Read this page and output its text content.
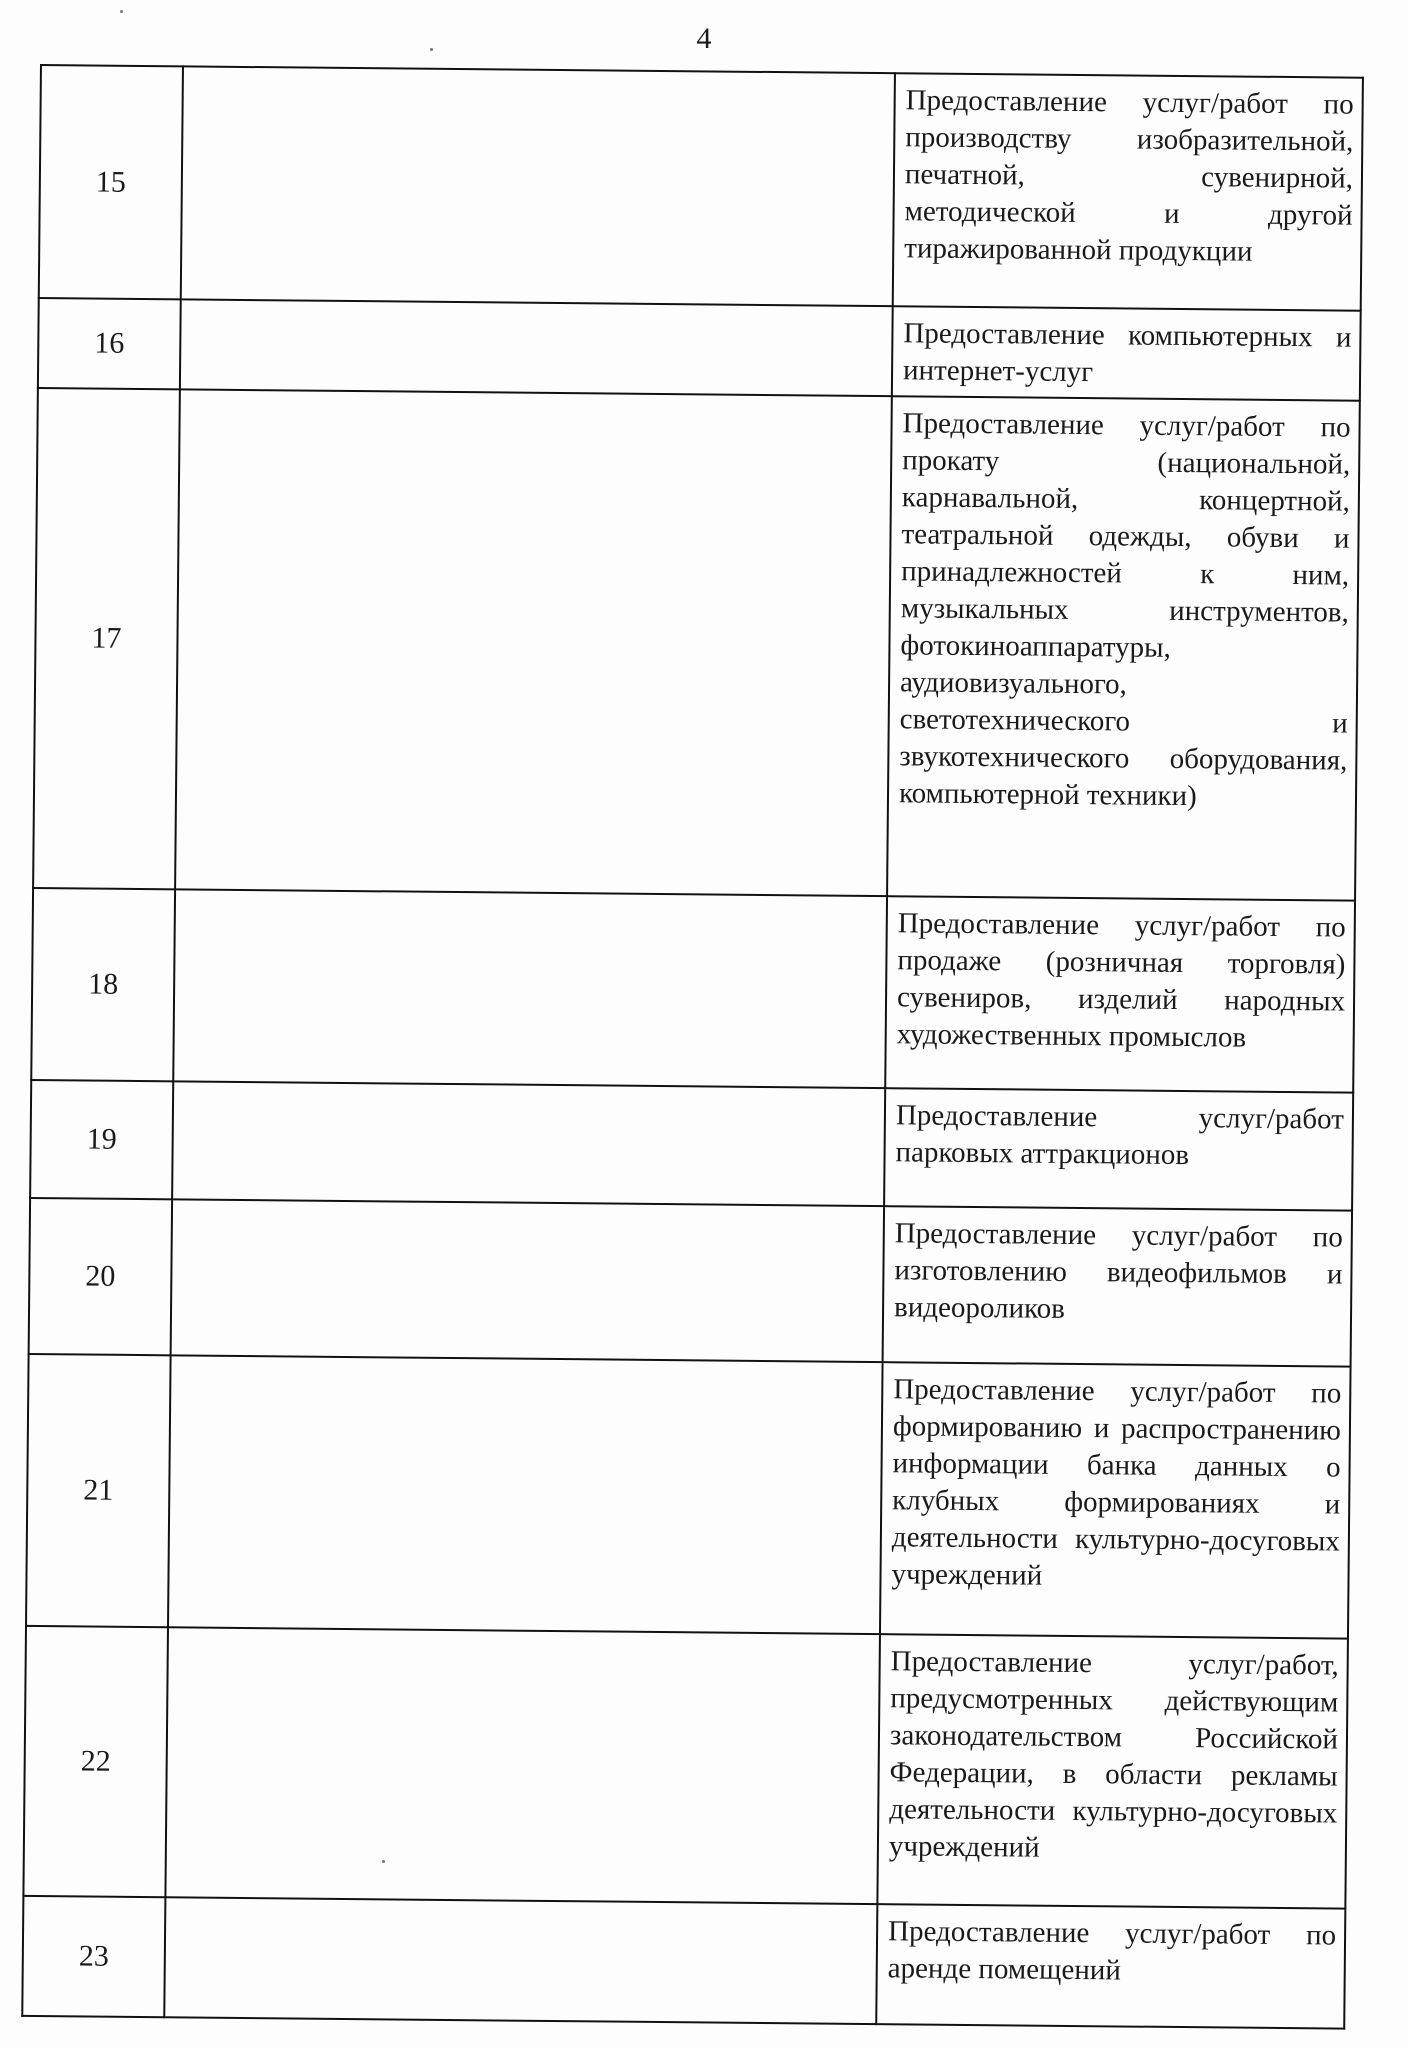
4
15		Предоставление услуг/работ по производству изобразительной, печатной, сувенирной, методической и другой тиражированной продукции
16		Предоставление компьютерных и интернет-услуг
17		Предоставление услуг/работ по прокату (национальной, карнавальной, концертной, театральной одежды, обуви и принадлежностей к ним, музыкальных инструментов, фотокиноаппаратуры, аудиовизуального, светотехнического и звукотехнического оборудования, компьютерной техники)
18		Предоставление услуг/работ по продаже (розничная торговля) сувениров, изделий народных художественных промыслов
19		Предоставление услуг/работ парковых аттракционов
20		Предоставление услуг/работ по изготовлению видеофильмов и видеороликов
21		Предоставление услуг/работ по формированию и распространению информации банка данных о клубных формированиях и деятельности культурно-досуговых учреждений
22		Предоставление услуг/работ, предусмотренных действующим законодательством Российской Федерации, в области рекламы деятельности культурно-досуговых учреждений
23		Предоставление услуг/работ по аренде помещений
